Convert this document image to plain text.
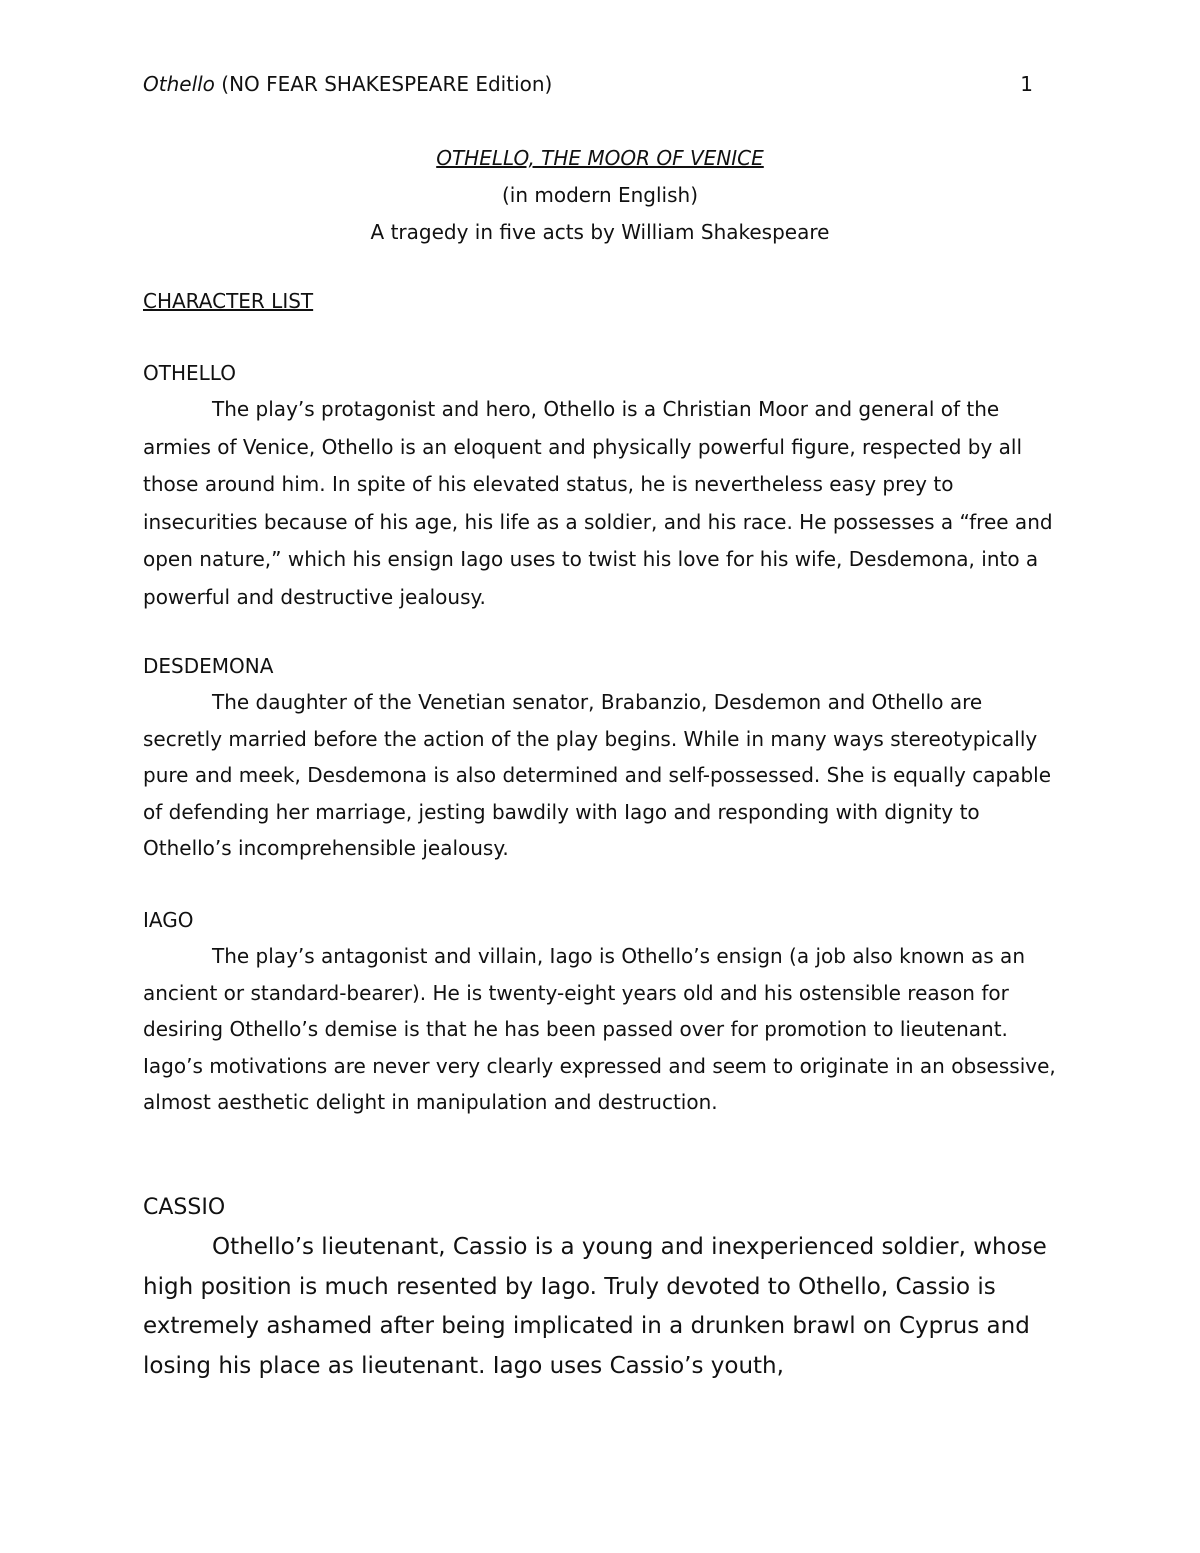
Othello (NO FEAR SHAKESPEARE Edition)	1
OTHELLO, THE MOOR OF VENICE
(in modern English)
A tragedy in five acts by William Shakespeare
CHARACTER LIST
OTHELLO

The play’s protagonist and hero, Othello is a Christian Moor and general of the armies of Venice, Othello is an eloquent and physically powerful figure, respected by all those around him. In spite of his elevated status, he is nevertheless easy prey to insecurities because of his age, his life as a soldier, and his race. He possesses a “free and open nature,” which his ensign Iago uses to twist his love for his wife, Desdemona, into a powerful and destructive jealousy.

DESDEMONA

The daughter of the Venetian senator, Brabanzio, Desdemon and Othello are secretly married before the action of the play begins. While in many ways stereotypically pure and meek, Desdemona is also determined and self-possessed. She is equally capable of defending her marriage, jesting bawdily with Iago and responding with dignity to Othello’s incomprehensible jealousy.

IAGO

The play’s antagonist and villain, Iago is Othello’s ensign (a job also known as an ancient or standard-bearer). He is twenty-eight years old and his ostensible reason for desiring Othello’s demise is that he has been passed over for promotion to lieutenant. Iago’s motivations are never very clearly expressed and seem to originate in an obsessive, almost aesthetic delight in manipulation and destruction.

CASSIO

Othello’s lieutenant, Cassio is a young and inexperienced soldier, whose high position is much resented by Iago. Truly devoted to Othello, Cassio is extremely ashamed after being implicated in a drunken brawl on Cyprus and losing his place as lieutenant. Iago uses Cassio’s youth,
